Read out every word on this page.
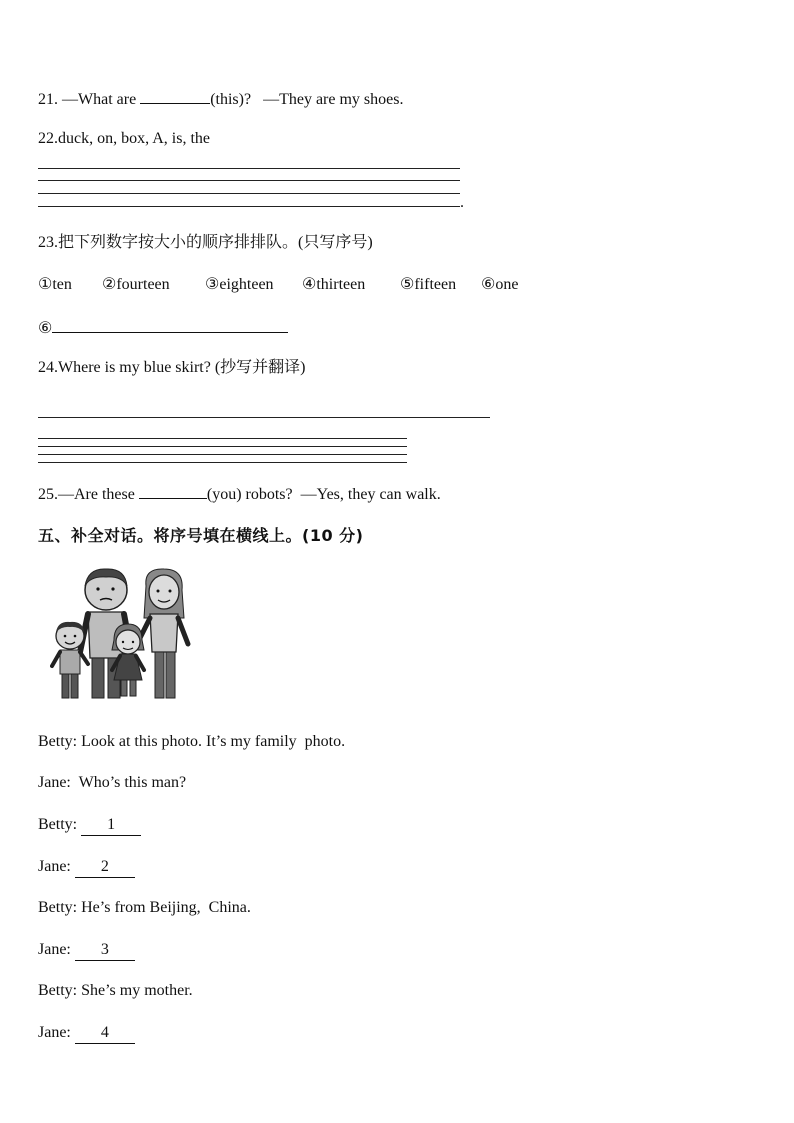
21. —What are	(this)?   —They are my shoes.
22.duck, on, box, A, is, the
.
23.把下列数字按大小的顺序排排队。(只写序号)
①ten ②fourteen ③eighteen ④thirteen ⑤fifteen ⑥one
⑥
24.Where is my blue skirt? (抄写并翻译)
25.—Are these	(you) robots?  —Yes, they can walk.
五、补全对话。将序号填在横线上。(10 分)
Betty: Look at this photo. It’s my family  photo.
Jane:  Who’s this man?
Betty: 1
Jane: 2
Betty: He’s from Beijing,  China.
Jane: 3
Betty: She’s my mother.
Jane: 4
